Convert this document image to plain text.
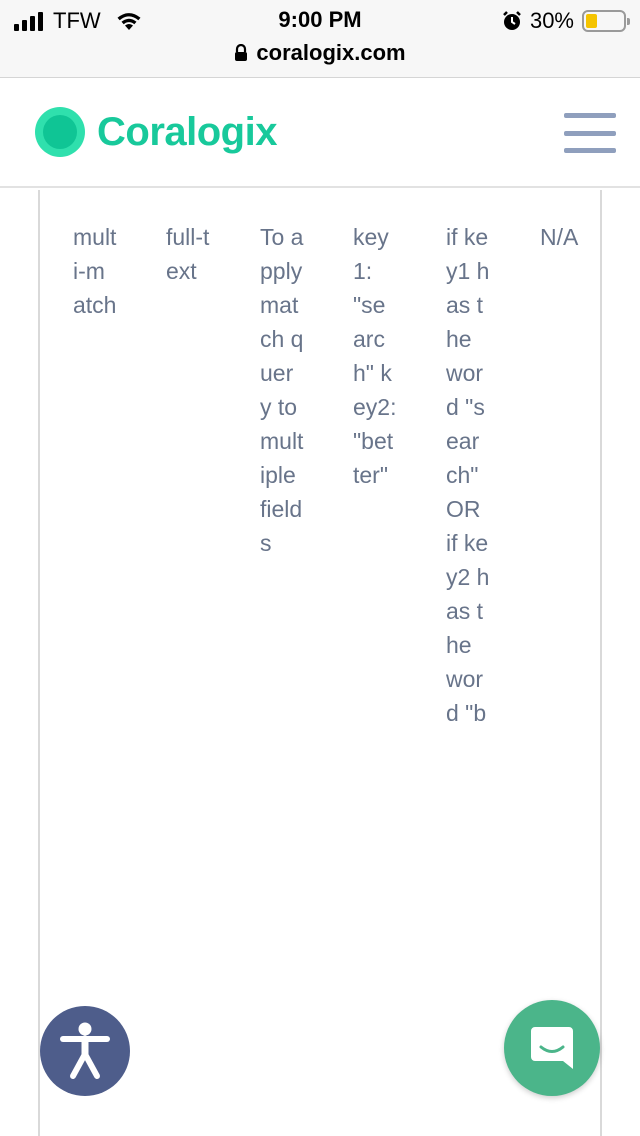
TFW	9:00 PM	30%
coralogix.com
Coralogix
multi-match
full-text
To apply match query to multiple fields
key1: "search" key2: "better"
if key1 has the word "search" OR if key2 has the word "b
N/A
